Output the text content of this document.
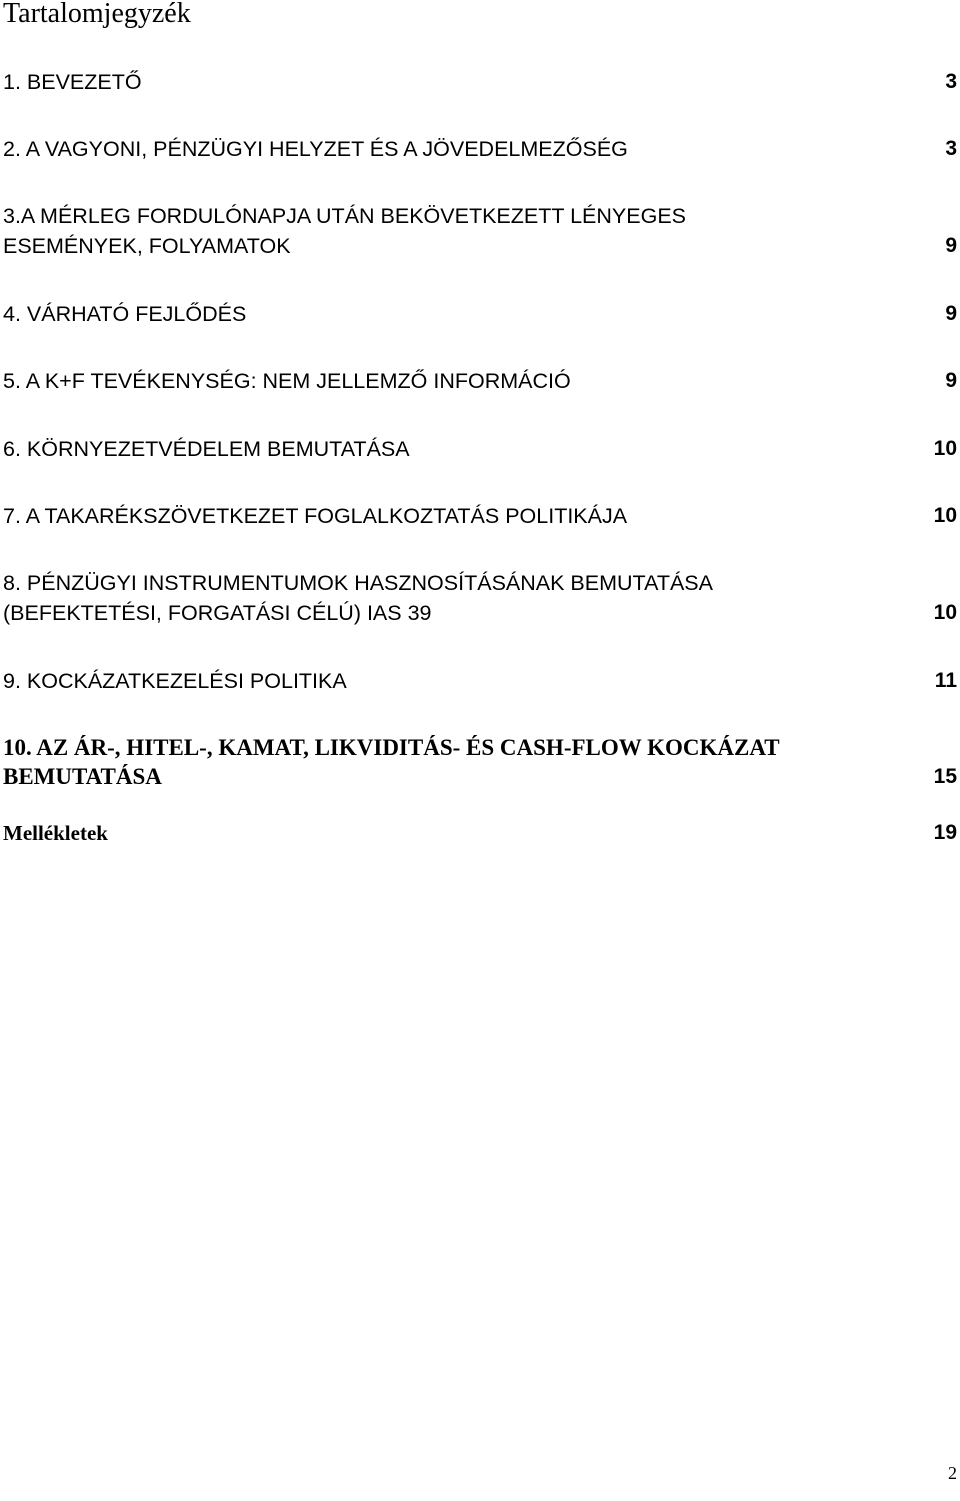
Tartalomjegyzék
1. BEVEZETŐ	3
2. A VAGYONI, PÉNZÜGYI HELYZET ÉS A JÖVEDELMEZŐSÉG	3
3.A MÉRLEG FORDULÓNAPJA UTÁN BEKÖVETKEZETT LÉNYEGES
ESEMÉNYEK, FOLYAMATOK	9
4. VÁRHATÓ FEJLŐDÉS	9
5. A K+F TEVÉKENYSÉG: NEM JELLEMZŐ INFORMÁCIÓ	9
6. KÖRNYEZETVÉDELEM BEMUTATÁSA	10
7. A TAKARÉKSZÖVETKEZET FOGLALKOZTATÁS POLITIKÁJA	10
8. PÉNZÜGYI INSTRUMENTUMOK HASZNOSÍTÁSÁNAK BEMUTATÁSA
(BEFEKTETÉSI, FORGATÁSI CÉLÚ) IAS 39	10
9. KOCKÁZATKEZELÉSI POLITIKA	11
10. AZ ÁR-, HITEL-, KAMAT, LIKVIDITÁS- ÉS CASH-FLOW KOCKÁZAT
BEMUTATÁSA	15
Mellékletek	19
2
